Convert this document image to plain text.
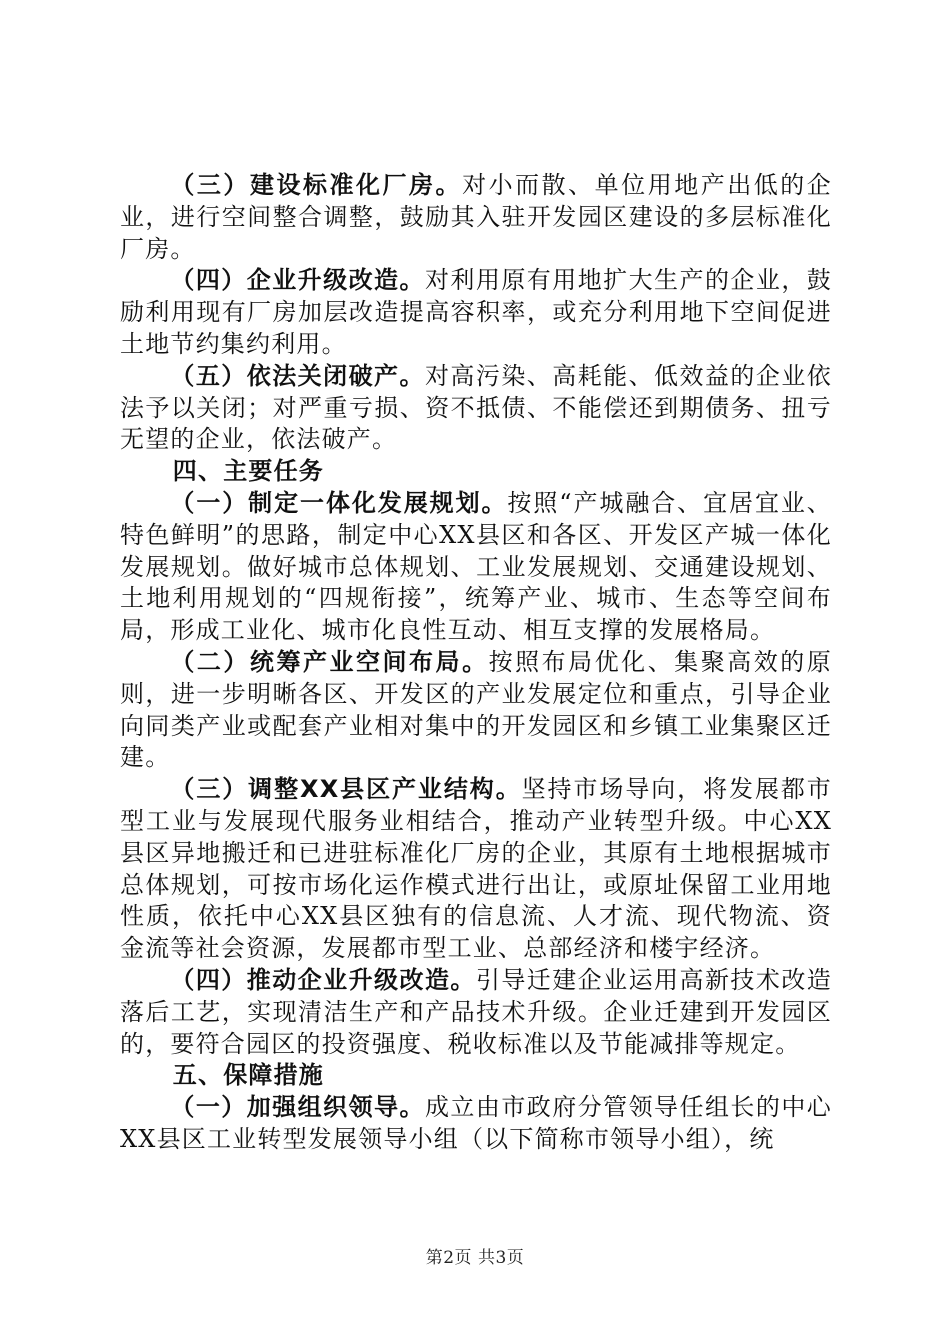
（三）建设标准化厂房。对小而散、单位用地产出低的企业，进行空间整合调整，鼓励其入驻开发园区建设的多层标准化厂房。

（四）企业升级改造。对利用原有用地扩大生产的企业，鼓励利用现有厂房加层改造提高容积率，或充分利用地下空间促进土地节约集约利用。

（五）依法关闭破产。对高污染、高耗能、低效益的企业依法予以关闭；对严重亏损、资不抵债、不能偿还到期债务、扭亏无望的企业，依法破产。

四、主要任务

（一）制定一体化发展规划。按照“产城融合、宜居宜业、特色鲜明”的思路，制定中心XX县区和各区、开发区产城一体化发展规划。做好城市总体规划、工业发展规划、交通建设规划、土地利用规划的“四规衔接”，统筹产业、城市、生态等空间布局，形成工业化、城市化良性互动、相互支撑的发展格局。

（二）统筹产业空间布局。按照布局优化、集聚高效的原则，进一步明晰各区、开发区的产业发展定位和重点，引导企业向同类产业或配套产业相对集中的开发园区和乡镇工业集聚区迁建。

（三）调整XX县区产业结构。坚持市场导向，将发展都市型工业与发展现代服务业相结合，推动产业转型升级。中心XX县区异地搬迁和已进驻标准化厂房的企业，其原有土地根据城市总体规划，可按市场化运作模式进行出让，或原址保留工业用地性质，依托中心XX县区独有的信息流、人才流、现代物流、资金流等社会资源，发展都市型工业、总部经济和楼宇经济。

（四）推动企业升级改造。引导迁建企业运用高新技术改造落后工艺，实现清洁生产和产品技术升级。企业迁建到开发园区的，要符合园区的投资强度、税收标准以及节能减排等规定。

五、保障措施

（一）加强组织领导。成立由市政府分管领导任组长的中心XX县区工业转型发展领导小组（以下简称市领导小组），统

第2页 共3页
